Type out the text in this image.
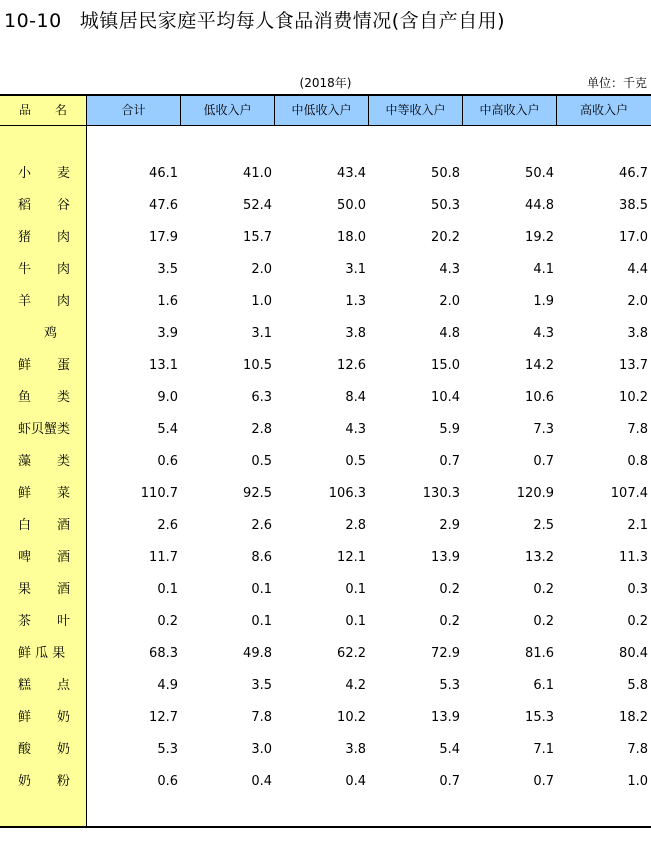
10-10 城镇居民家庭平均每人食品消费情况(含自产自用)
(2018年)	单位：千克
品　　名	合计	低收入户	中低收入户	中等收入户	中高收入户	高收入户
小　　麦	46.1	41.0	43.4	50.8	50.4	46.7
稻　　谷	47.6	52.4	50.0	50.3	44.8	38.5
猪　　肉	17.9	15.7	18.0	20.2	19.2	17.0
牛　　肉	3.5	2.0	3.1	4.3	4.1	4.4
羊　　肉	1.6	1.0	1.3	2.0	1.9	2.0
　　鸡	3.9	3.1	3.8	4.8	4.3	3.8
鲜　　蛋	13.1	10.5	12.6	15.0	14.2	13.7
鱼　　类	9.0	6.3	8.4	10.4	10.6	10.2
虾贝蟹类	5.4	2.8	4.3	5.9	7.3	7.8
藻　　类	0.6	0.5	0.5	0.7	0.7	0.8
鲜　　菜	110.7	92.5	106.3	130.3	120.9	107.4
白　　酒	2.6	2.6	2.8	2.9	2.5	2.1
啤　　酒	11.7	8.6	12.1	13.9	13.2	11.3
果　　酒	0.1	0.1	0.1	0.2	0.2	0.3
茶　　叶	0.2	0.1	0.1	0.2	0.2	0.2
鲜 瓜 果	68.3	49.8	62.2	72.9	81.6	80.4
糕　　点	4.9	3.5	4.2	5.3	6.1	5.8
鲜　　奶	12.7	7.8	10.2	13.9	15.3	18.2
酸　　奶	5.3	3.0	3.8	5.4	7.1	7.8
奶　　粉	0.6	0.4	0.4	0.7	0.7	1.0
